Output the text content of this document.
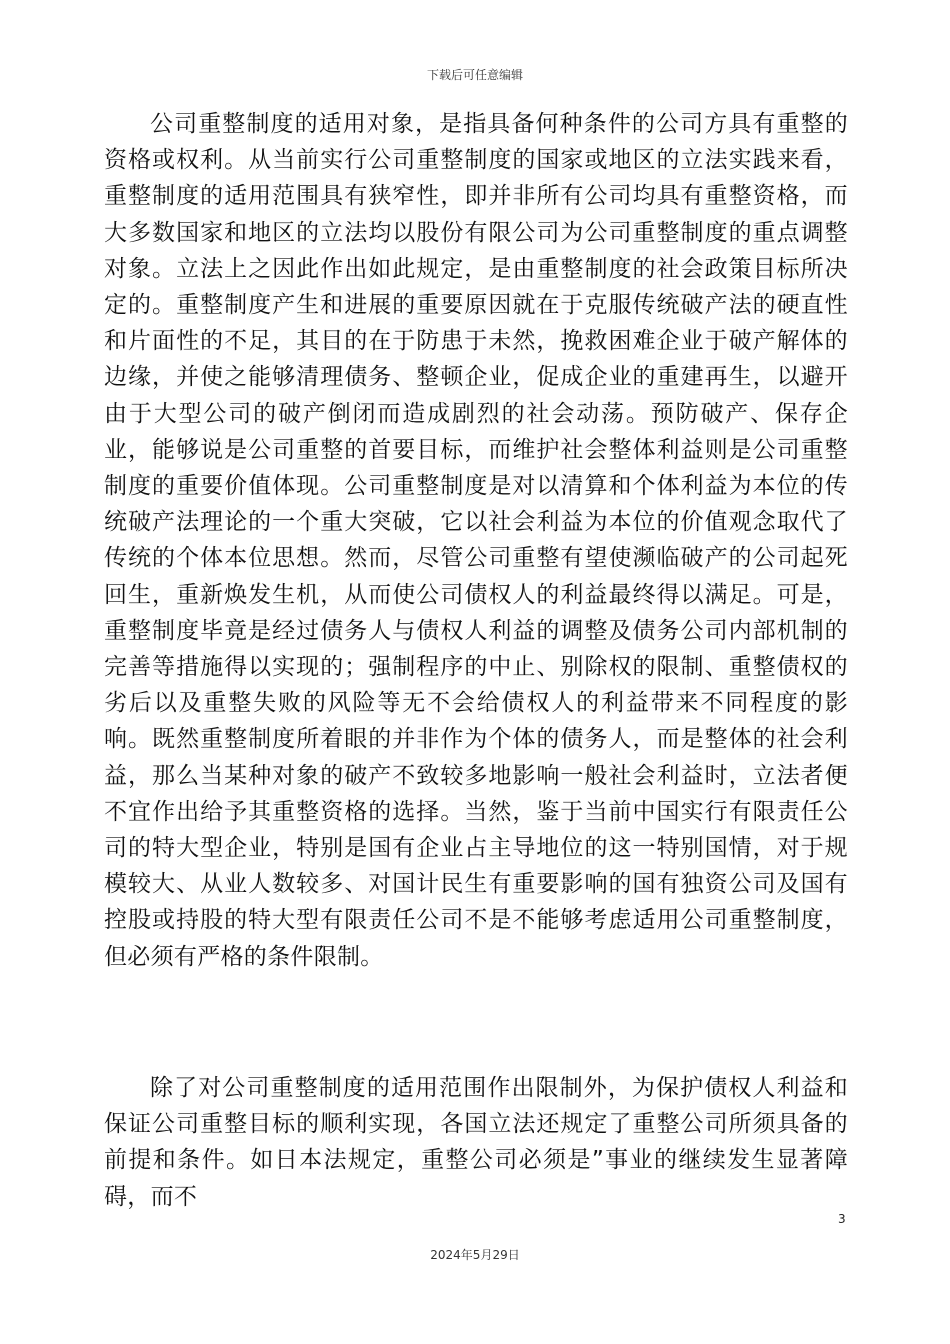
下载后可任意编辑

公司重整制度的适用对象，是指具备何种条件的公司方具有重整的资格或权利。从当前实行公司重整制度的国家或地区的立法实践来看，重整制度的适用范围具有狭窄性，即并非所有公司均具有重整资格，而大多数国家和地区的立法均以股份有限公司为公司重整制度的重点调整对象。立法上之因此作出如此规定，是由重整制度的社会政策目标所决定的。重整制度产生和进展的重要原因就在于克服传统破产法的硬直性和片面性的不足，其目的在于防患于未然，挽救困难企业于破产解体的边缘，并使之能够清理债务、整顿企业，促成企业的重建再生，以避开由于大型公司的破产倒闭而造成剧烈的社会动荡。预防破产、保存企业，能够说是公司重整的首要目标，而维护社会整体利益则是公司重整制度的重要价值体现。公司重整制度是对以清算和个体利益为本位的传统破产法理论的一个重大突破，它以社会利益为本位的价值观念取代了传统的个体本位思想。然而，尽管公司重整有望使濒临破产的公司起死回生，重新焕发生机，从而使公司债权人的利益最终得以满足。可是，重整制度毕竟是经过债务人与债权人利益的调整及债务公司内部机制的完善等措施得以实现的；强制程序的中止、别除权的限制、重整债权的劣后以及重整失败的风险等无不会给债权人的利益带来不同程度的影响。既然重整制度所着眼的并非作为个体的债务人，而是整体的社会利益，那么当某种对象的破产不致较多地影响一般社会利益时，立法者便不宜作出给予其重整资格的选择。当然，鉴于当前中国实行有限责任公司的特大型企业，特别是国有企业占主导地位的这一特别国情，对于规模较大、从业人数较多、对国计民生有重要影响的国有独资公司及国有控股或持股的特大型有限责任公司不是不能够考虑适用公司重整制度，但必须有严格的条件限制。

除了对公司重整制度的适用范围作出限制外，为保护债权人利益和保证公司重整目标的顺利实现，各国立法还规定了重整公司所须具备的前提和条件。如日本法规定，重整公司必须是”事业的继续发生显著障碍，而不

3
2024年5月29日
